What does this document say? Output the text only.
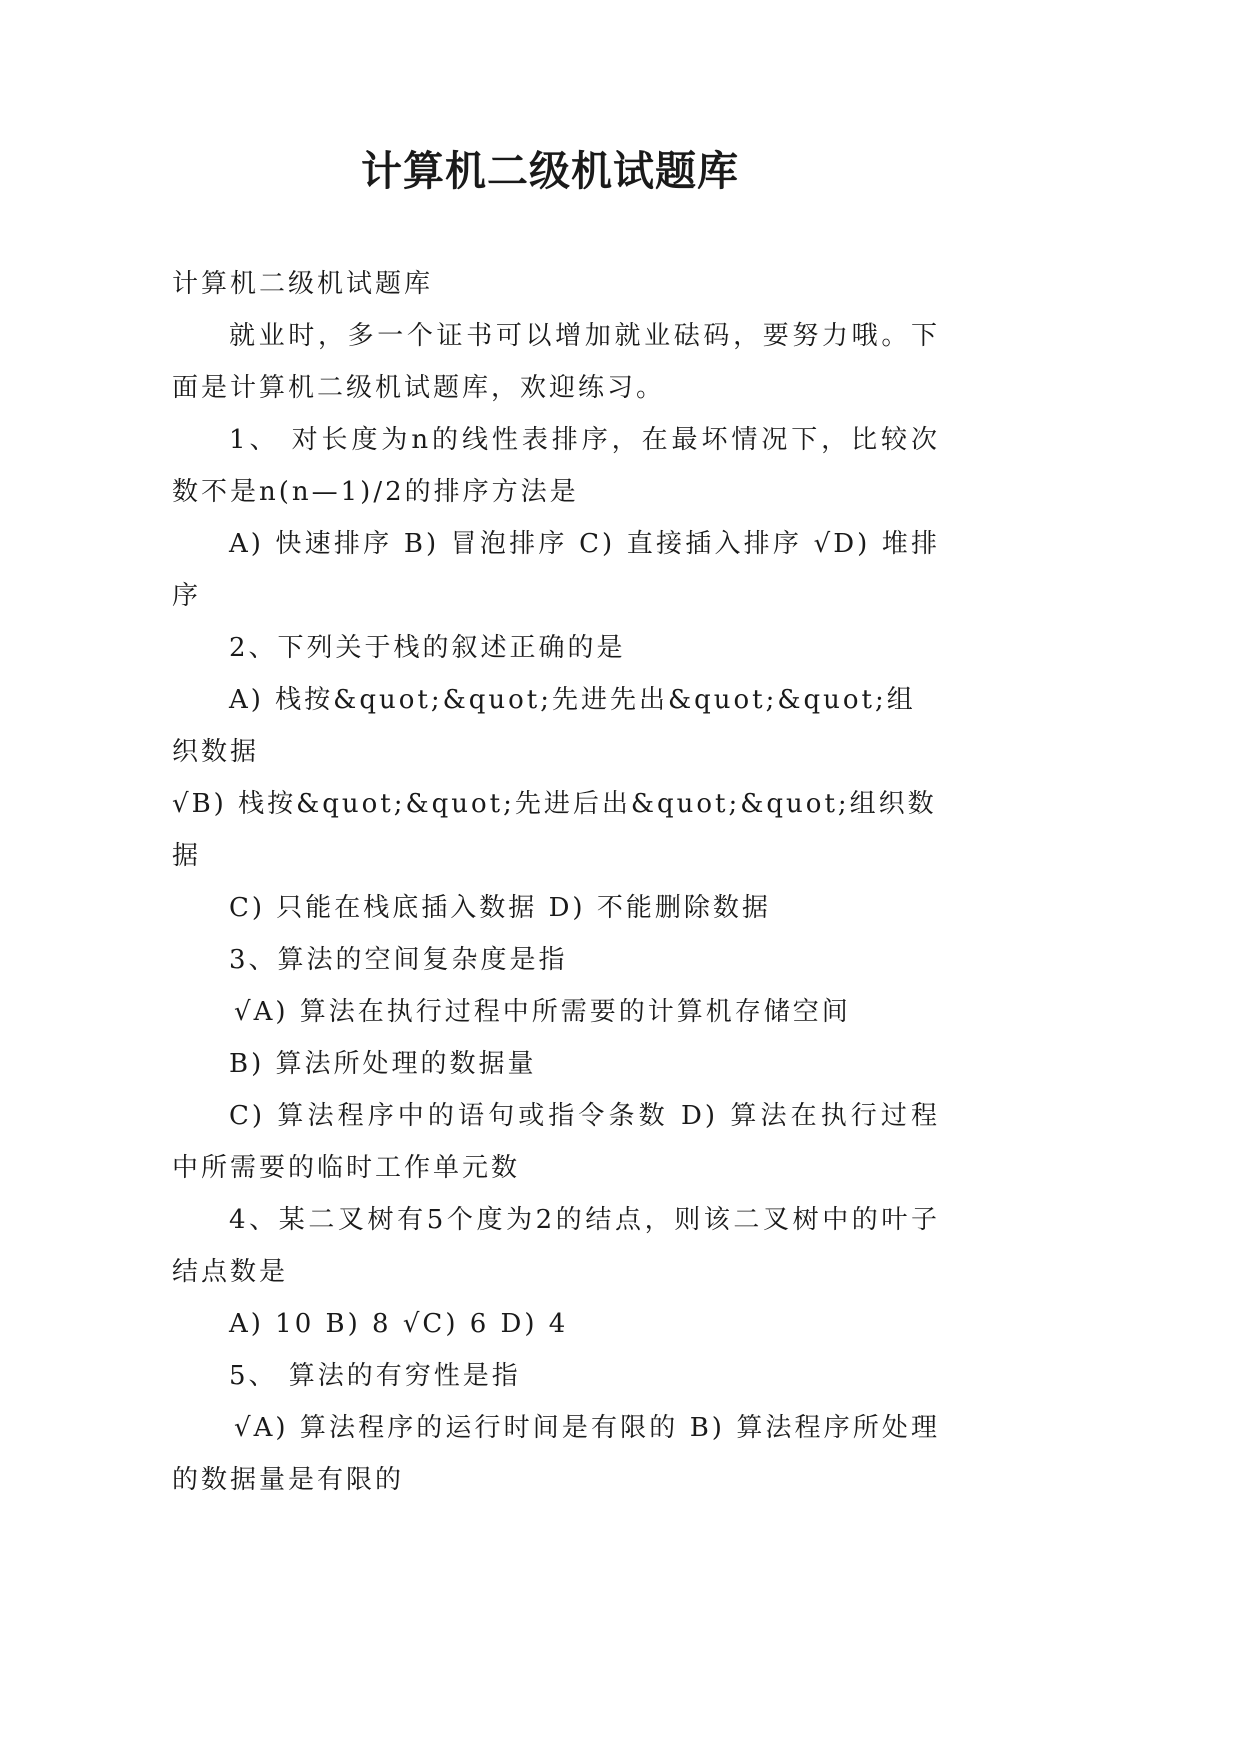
计算机二级机试题库

计算机二级机试题库

就业时，多一个证书可以增加就业砝码，要努力哦。下面是计算机二级机试题库，欢迎练习。

1、 对长度为n的线性表排序，在最坏情况下，比较次数不是n(n—1)/2的排序方法是

A) 快速排序 B) 冒泡排序 C) 直接插入排序 √D) 堆排序

2、下列关于栈的叙述正确的是

A) 栈按&quot;&quot;先进先出&quot;&quot;组织数据

√B) 栈按&quot;&quot;先进后出&quot;&quot;组织数据

C) 只能在栈底插入数据 D) 不能删除数据

3、算法的空间复杂度是指

√A) 算法在执行过程中所需要的计算机存储空间

B) 算法所处理的数据量

C) 算法程序中的语句或指令条数 D) 算法在执行过程中所需要的临时工作单元数

4、某二叉树有5个度为2的结点，则该二叉树中的叶子结点数是

A) 10 B) 8 √C) 6 D) 4

5、 算法的有穷性是指

√A) 算法程序的运行时间是有限的 B) 算法程序所处理的数据量是有限的
